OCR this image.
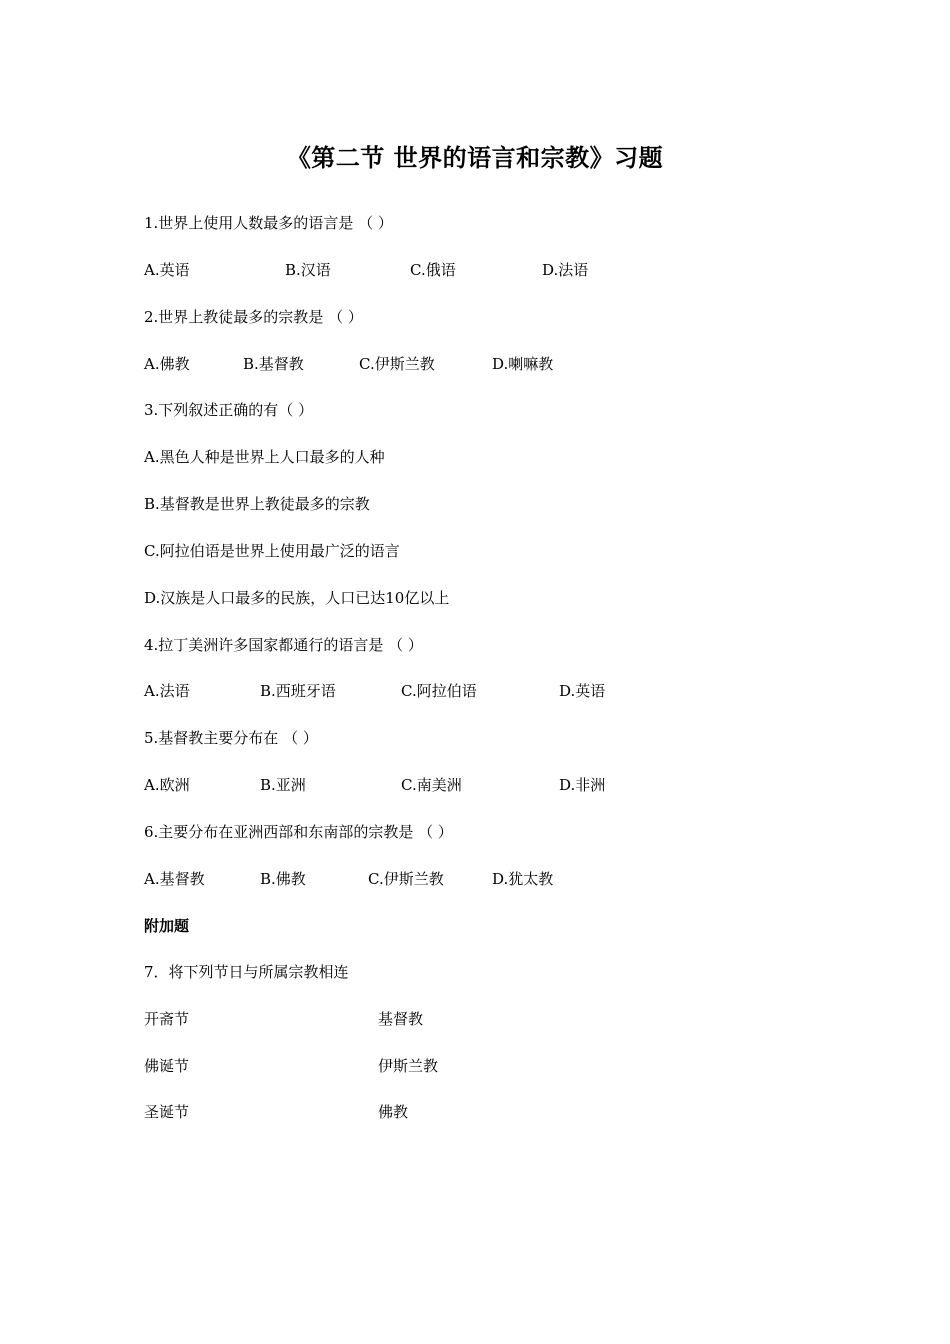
《第二节 世界的语言和宗教》习题
1.世界上使用人数最多的语言是 （ ）
A.英语	B.汉语	C.俄语	D.法语
2.世界上教徒最多的宗教是 （ ）
A.佛教	B.基督教	C.伊斯兰教	D.喇嘛教
3.下列叙述正确的有（ ）
A.黑色人种是世界上人口最多的人种
B.基督教是世界上教徒最多的宗教
C.阿拉伯语是世界上使用最广泛的语言
D.汉族是人口最多的民族，人口已达10亿以上
4.拉丁美洲许多国家都通行的语言是 （ ）
A.法语	B.西班牙语	C.阿拉伯语	D.英语
5.基督教主要分布在 （ ）
A.欧洲	B.亚洲	C.南美洲	D.非洲
6.主要分布在亚洲西部和东南部的宗教是 （ ）
A.基督教	B.佛教	C.伊斯兰教	D.犹太教
附加题
7．将下列节日与所属宗教相连
开斋节	基督教
佛诞节	伊斯兰教
圣诞节	佛教
